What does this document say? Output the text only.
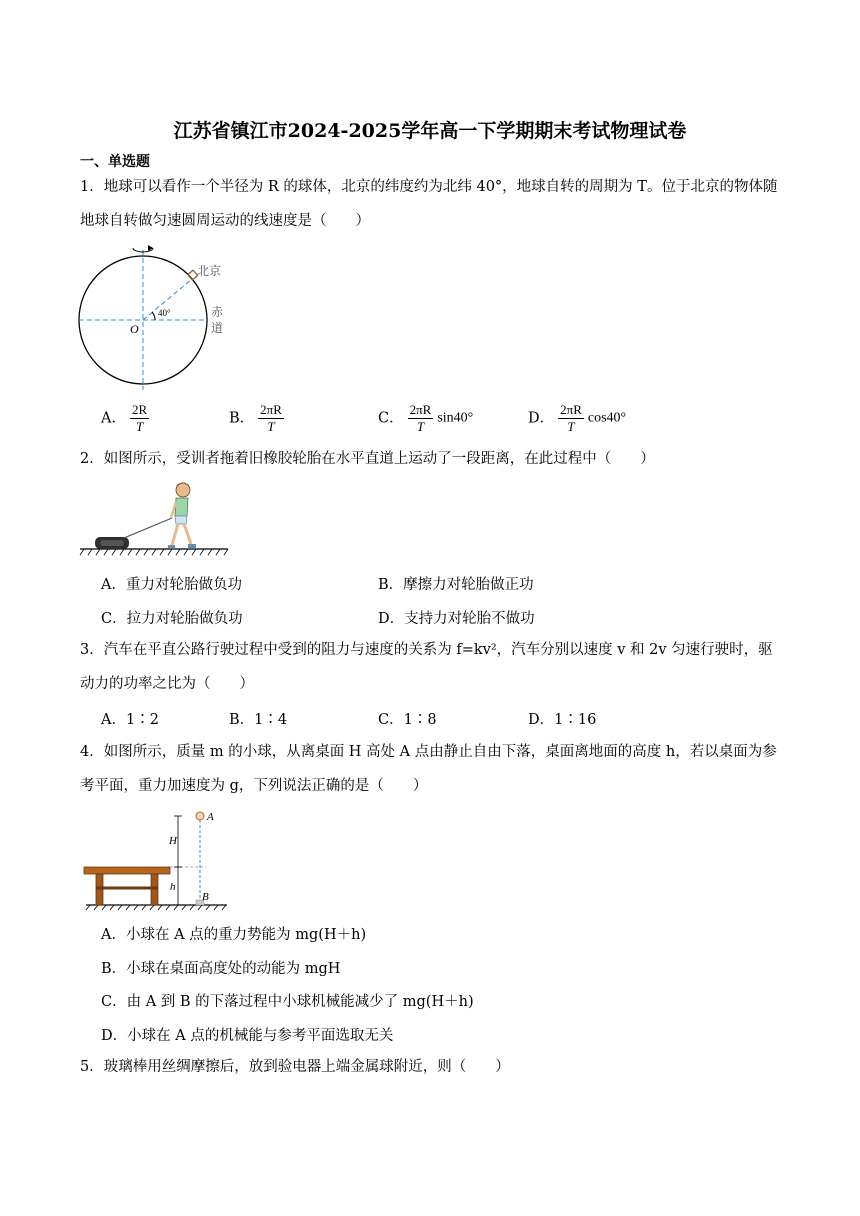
江苏省镇江市2024-2025学年高一下学期期末考试物理试卷
一、单选题
1．地球可以看作一个半径为 R 的球体，北京的纬度约为北纬 40°，地球自转的周期为 T。位于北京的物体随
地球自转做匀速圆周运动的线速度是（　　）
北京
赤
道
O
40°
A． $\frac{2R}{T}$	B． $\frac{2\pi R}{T}$	C． $\frac{2\pi R}{T} \sin 40^\circ$	D． $\frac{2\pi R}{T} \cos 40^\circ$
2．如图所示，受训者拖着旧橡胶轮胎在水平直道上运动了一段距离，在此过程中（　　）
A．重力对轮胎做负功	B．摩擦力对轮胎做正功
C．拉力对轮胎做负功	D．支持力对轮胎不做功
3．汽车在平直公路行驶过程中受到的阻力与速度的关系为 f=kv²，汽车分别以速度 v 和 2v 匀速行驶时，驱
动力的功率之比为（　　）
A．1∶2	B．1∶4	C．1∶8	D．1∶16
4．如图所示，质量 m 的小球，从离桌面 H 高处 A 点由静止自由下落，桌面离地面的高度 h，若以桌面为参
考平面，重力加速度为 g，下列说法正确的是（　　）
A
B
H
h
A．小球在 A 点的重力势能为 mg(H＋h)
B．小球在桌面高度处的动能为 mgH
C．由 A 到 B 的下落过程中小球机械能减少了 mg(H＋h)
D．小球在 A 点的机械能与参考平面选取无关
5．玻璃棒用丝绸摩擦后，放到验电器上端金属球附近，则（　　）
